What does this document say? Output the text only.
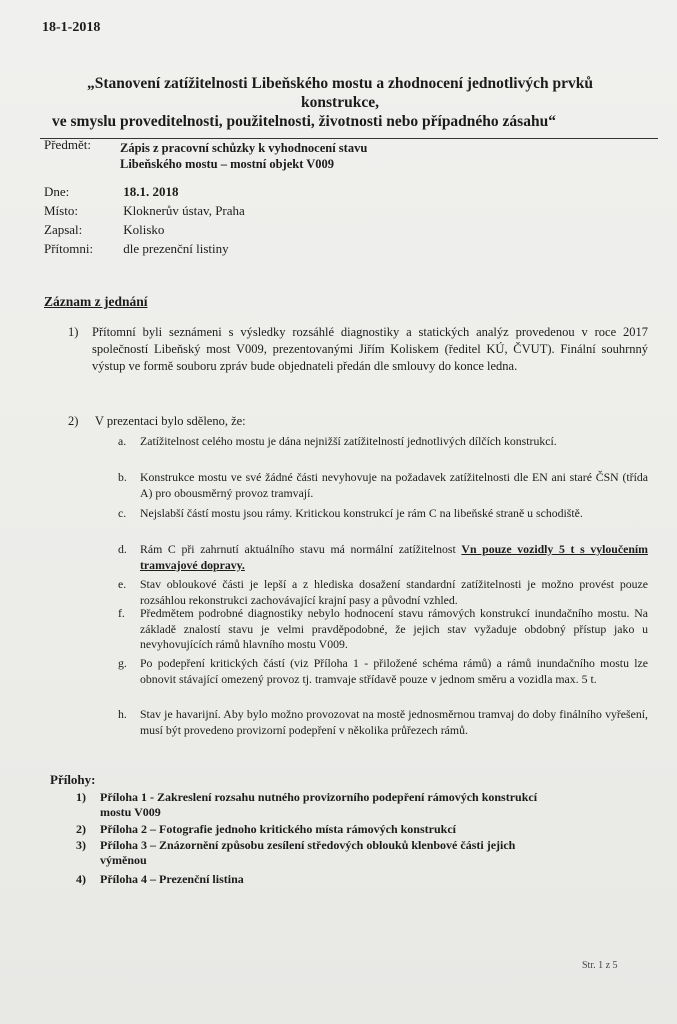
18-1-2018
„Stanovení zatížitelnosti Libeňského mostu a zhodnocení jednotlivých prvků
konstrukce,
ve smyslu proveditelnosti, použitelnosti, životnosti nebo případného zásahu“
Předmět: Zápis z pracovní schůzky k vyhodnocení stavu
Libeňského mostu – mostní objekt V009
Dne:	18.1. 2018
Místo:	Kloknerův ústav, Praha
Zapsal:	Kolisko
Přítomni: dle prezenční listiny
Záznam z jednání
1) Přítomní byli seznámeni s výsledky rozsáhlé diagnostiky a statických analýz provedenou v roce 2017 společností Libeňský most V009, prezentovanými Jiřím Koliskem (ředitel KÚ, ČVUT). Finální souhrnný výstup ve formě souboru zpráv bude objednateli předán dle smlouvy do konce ledna.
2) V prezentaci bylo sděleno, že:
a. Zatížitelnost celého mostu je dána nejnižší zatížitelností jednotlivých dílčích konstrukcí.
b. Konstrukce mostu ve své žádné části nevyhovuje na požadavek zatížitelnosti dle EN ani staré ČSN (třída A) pro obousměrný provoz tramvají.
c. Nejslabší částí mostu jsou rámy. Kritickou konstrukcí je rám C na libeňské straně u schodiště.
d. Rám C při zahrnutí aktuálního stavu má normální zatížitelnost Vn pouze vozidly 5 t s vyloučením tramvajové dopravy.
e. Stav obloukové části je lepší a z hlediska dosažení standardní zatížitelnosti je možno provést pouze rozsáhlou rekonstrukci zachovávající krajní pasy a původní vzhled.
f. Předmětem podrobné diagnostiky nebylo hodnocení stavu rámových konstrukcí inundačního mostu. Na základě znalostí stavu je velmi pravděpodobné, že jejich stav vyžaduje obdobný přístup jako u nevyhovujících rámů hlavního mostu V009.
g. Po podepření kritických částí (viz Příloha 1 - přiložené schéma rámů) a rámů inundačního mostu lze obnovit stávající omezený provoz tj. tramvaje střídavě pouze v jednom směru a vozidla max. 5 t.
h. Stav je havarijní. Aby bylo možno provozovat na mostě jednosměrnou tramvaj do doby finálního vyřešení, musí být provedeno provizorní podepření v několika průřezech rámů.
Přílohy:
1) Příloha 1 - Zakreslení rozsahu nutného provizorního podepření rámových konstrukcí
mostu V009
2) Příloha 2 – Fotografie jednoho kritického místa rámových konstrukcí
3) Příloha 3 – Znázornění způsobu zesílení středových oblouků klenbové části jejich
výměnou
4) Příloha 4 – Prezenční listina
Str. 1 z 5
